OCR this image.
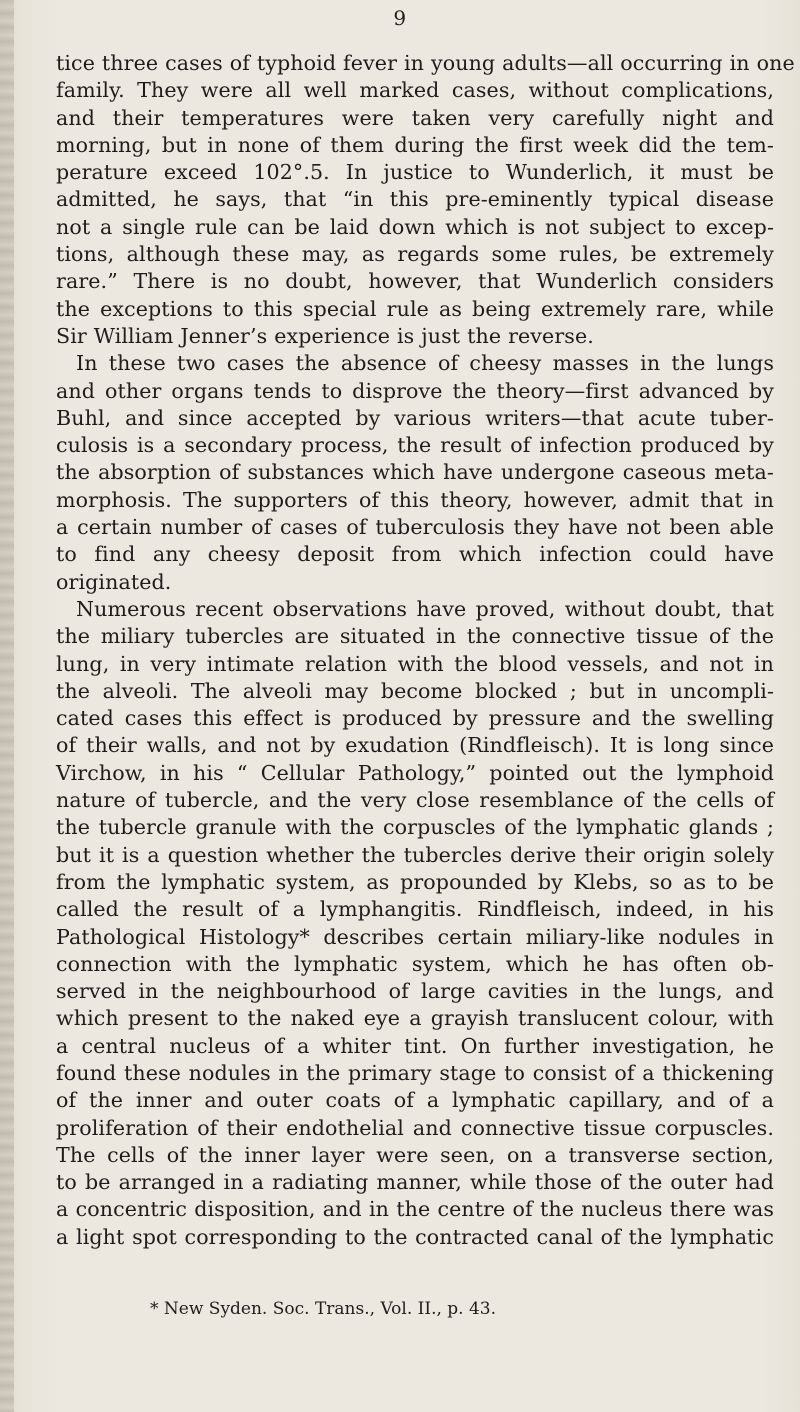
9
tice three cases of typhoid fever in young adults—all occurring in one
family. They were all well marked cases, without complications,
and their temperatures were taken very carefully night and
morning, but in none of them during the first week did the tem-
perature exceed 102°.5. In justice to Wunderlich, it must be
admitted, he says, that “in this pre-eminently typical disease
not a single rule can be laid down which is not subject to excep-
tions, although these may, as regards some rules, be extremely
rare.” There is no doubt, however, that Wunderlich considers
the exceptions to this special rule as being extremely rare, while
Sir William Jenner’s experience is just the reverse.
In these two cases the absence of cheesy masses in the lungs
and other organs tends to disprove the theory—first advanced by
Buhl, and since accepted by various writers—that acute tuber-
culosis is a secondary process, the result of infection produced by
the absorption of substances which have undergone caseous meta-
morphosis. The supporters of this theory, however, admit that in
a certain number of cases of tuberculosis they have not been able
to find any cheesy deposit from which infection could have
originated.
Numerous recent observations have proved, without doubt, that
the miliary tubercles are situated in the connective tissue of the
lung, in very intimate relation with the blood vessels, and not in
the alveoli. The alveoli may become blocked ; but in uncompli-
cated cases this effect is produced by pressure and the swelling
of their walls, and not by exudation (Rindfleisch). It is long since
Virchow, in his “ Cellular Pathology,” pointed out the lymphoid
nature of tubercle, and the very close resemblance of the cells of
the tubercle granule with the corpuscles of the lymphatic glands ;
but it is a question whether the tubercles derive their origin solely
from the lymphatic system, as propounded by Klebs, so as to be
called the result of a lymphangitis. Rindfleisch, indeed, in his
Pathological Histology* describes certain miliary-like nodules in
connection with the lymphatic system, which he has often ob-
served in the neighbourhood of large cavities in the lungs, and
which present to the naked eye a grayish translucent colour, with
a central nucleus of a whiter tint. On further investigation, he
found these nodules in the primary stage to consist of a thickening
of the inner and outer coats of a lymphatic capillary, and of a
proliferation of their endothelial and connective tissue corpuscles.
The cells of the inner layer were seen, on a transverse section,
to be arranged in a radiating manner, while those of the outer had
a concentric disposition, and in the centre of the nucleus there was
a light spot corresponding to the contracted canal of the lymphatic
* New Syden. Soc. Trans., Vol. II., p. 43.
